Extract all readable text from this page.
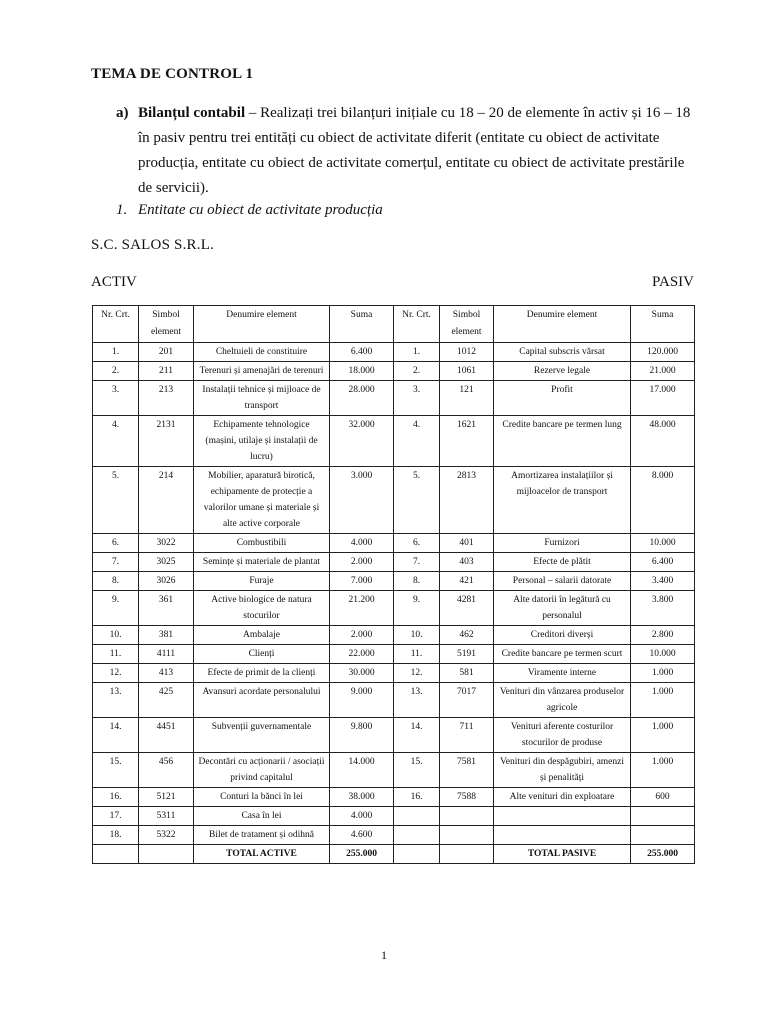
TEMA DE CONTROL 1
a) Bilanțul contabil – Realizați trei bilanțuri inițiale cu 18 – 20 de elemente în activ și 16 – 18 în pasiv pentru trei entități cu obiect de activitate diferit (entitate cu obiect de activitate producția, entitate cu obiect de activitate comerțul, entitate cu obiect de activitate prestările de servicii).
1. Entitate cu obiect de activitate producția
S.C. SALOS S.R.L.
ACTIV	PASIV
Nr. Crt.	Simbol element	Denumire element	Suma	Nr. Crt.	Simbol element	Denumire element	Suma
1.	201	Cheltuieli de constituire	6.400	1.	1012	Capital subscris vărsat	120.000
2.	211	Terenuri și amenajări de terenuri	18.000	2.	1061	Rezerve legale	21.000
3.	213	Instalații tehnice și mijloace de transport	28.000	3.	121	Profit	17.000
4.	2131	Echipamente tehnologice (mașini, utilaje și instalații de lucru)	32.000	4.	1621	Credite bancare pe termen lung	48.000
5.	214	Mobilier, aparatură birotică, echipamente de protecție a valorilor umane și materiale și alte active corporale	3.000	5.	2813	Amortizarea instalațiilor și mijloacelor de transport	8.000
6.	3022	Combustibili	4.000	6.	401	Furnizori	10.000
7.	3025	Semințe și materiale de plantat	2.000	7.	403	Efecte de plătit	6.400
8.	3026	Furaje	7.000	8.	421	Personal – salarii datorate	3.400
9.	361	Active biologice de natura stocurilor	21.200	9.	4281	Alte datorii în legătură cu personalul	3.800
10.	381	Ambalaje	2.000	10.	462	Creditori diverși	2.800
11.	4111	Clienți	22.000	11.	5191	Credite bancare pe termen scurt	10.000
12.	413	Efecte de primit de la clienți	30.000	12.	581	Viramente interne	1.000
13.	425	Avansuri acordate personalului	9.000	13.	7017	Venituri din vânzarea produselor agricole	1.000
14.	4451	Subvenții guvernamentale	9.800	14.	711	Venituri aferente costurilor stocurilor de produse	1.000
15.	456	Decontări cu acționarii / asociații privind capitalul	14.000	15.	7581	Venituri din despăgubiri, amenzi și penalități	1.000
16.	5121	Conturi la bănci în lei	38.000	16.	7588	Alte venituri din exploatare	600
17.	5311	Casa în lei	4.000				
18.	5322	Bilet de tratament și odihnă	4.600				
		TOTAL ACTIVE	255.000			TOTAL PASIVE	255.000
1
